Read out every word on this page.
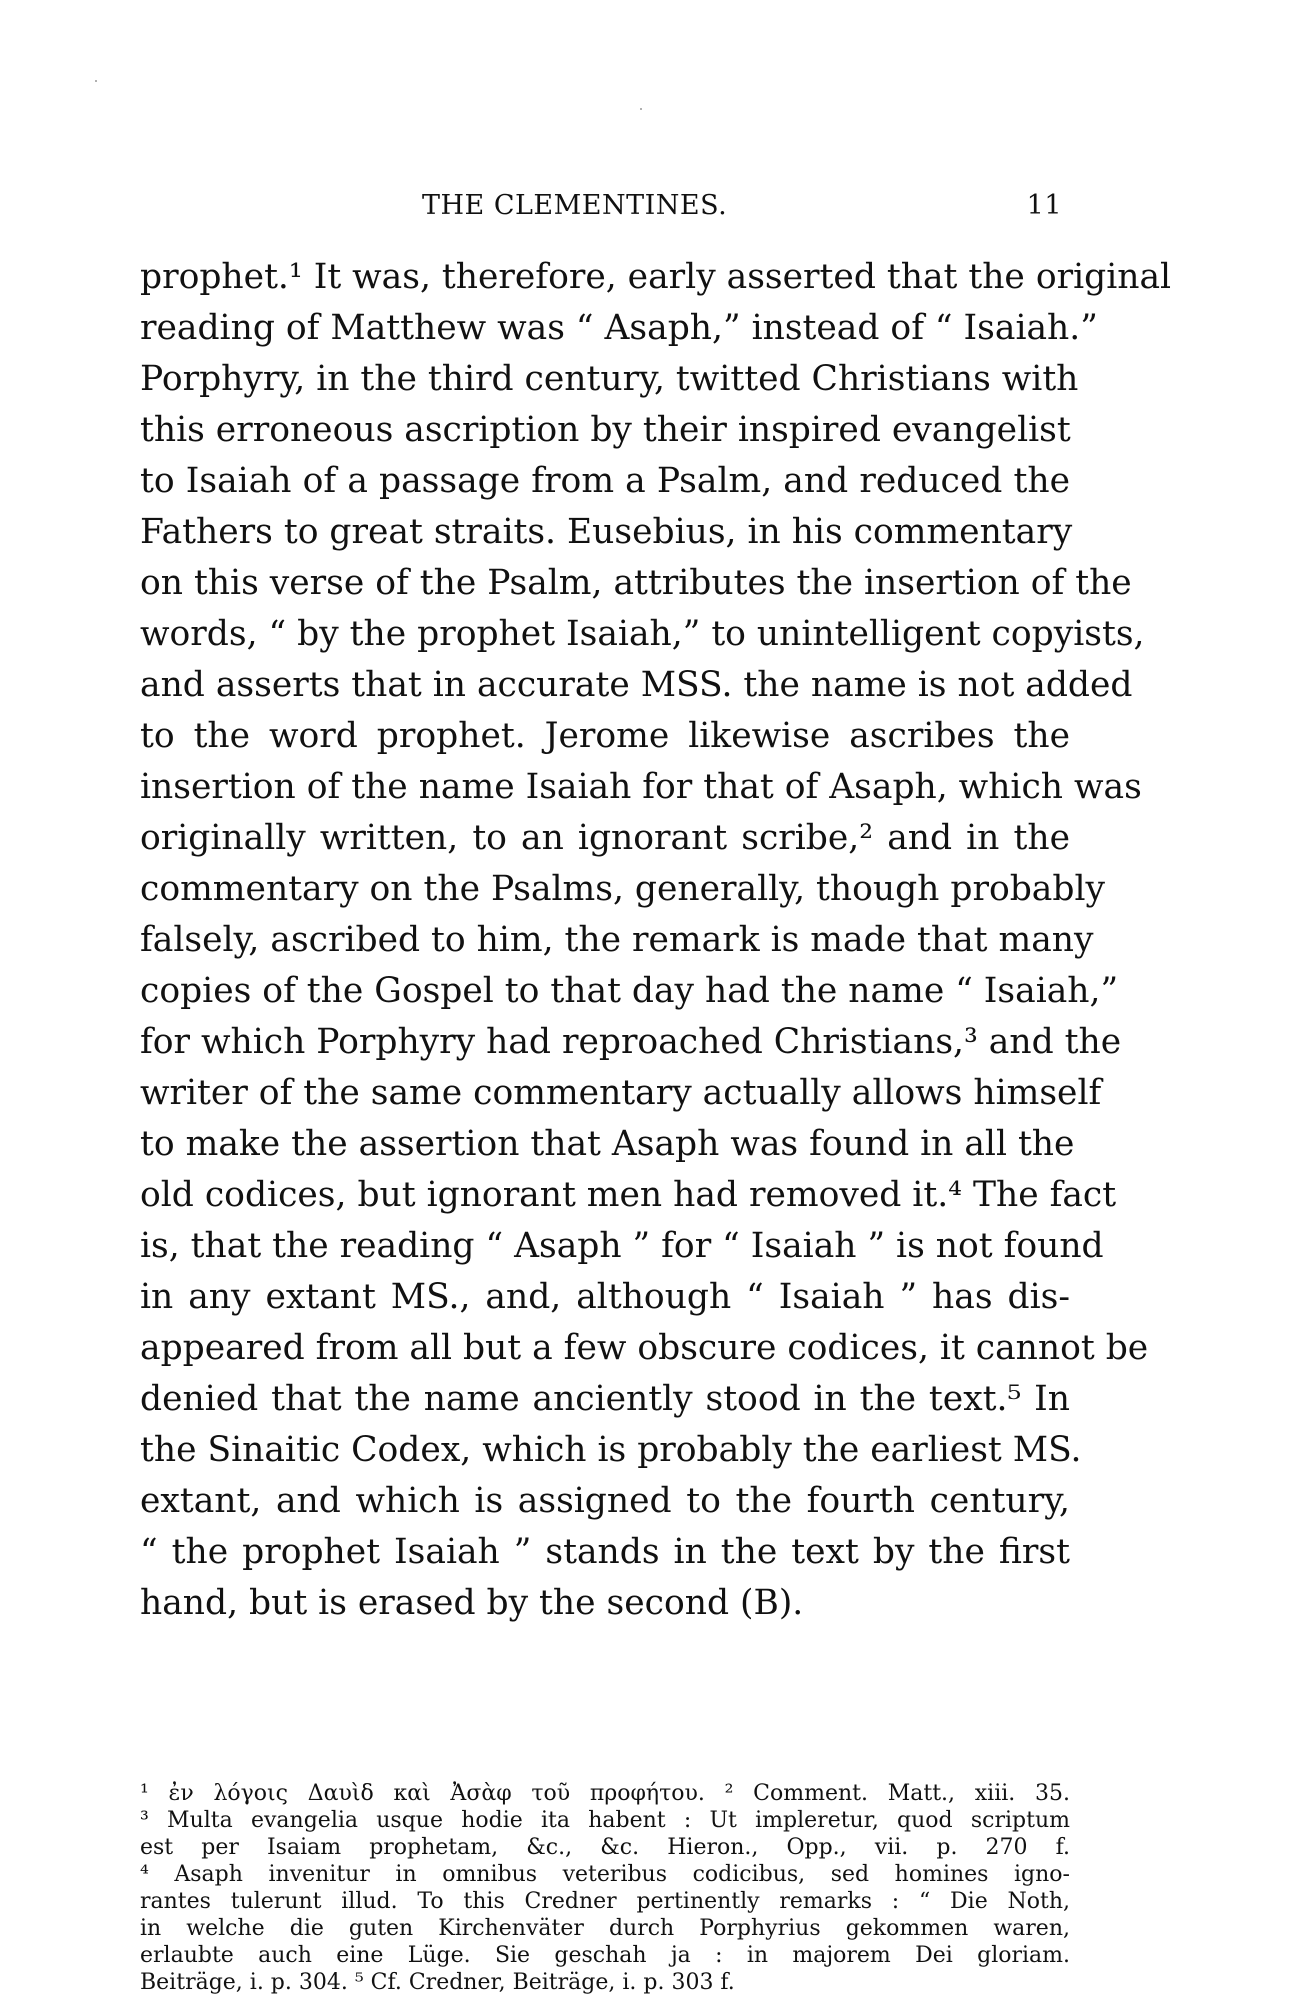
THE CLEMENTINES.	11
prophet.¹ It was, therefore, early asserted that the original
reading of Matthew was “ Asaph,” instead of “ Isaiah.”
Porphyry, in the third century, twitted Christians with
this erroneous ascription by their inspired evangelist
to Isaiah of a passage from a Psalm, and reduced the
Fathers to great straits. Eusebius, in his commentary
on this verse of the Psalm, attributes the insertion of the
words, “ by the prophet Isaiah,” to unintelligent copyists,
and asserts that in accurate MSS. the name is not added
to the word prophet. Jerome likewise ascribes the
insertion of the name Isaiah for that of Asaph, which was
originally written, to an ignorant scribe,² and in the
commentary on the Psalms, generally, though probably
falsely, ascribed to him, the remark is made that many
copies of the Gospel to that day had the name “ Isaiah,”
for which Porphyry had reproached Christians,³ and the
writer of the same commentary actually allows himself
to make the assertion that Asaph was found in all the
old codices, but ignorant men had removed it.⁴ The fact
is, that the reading “ Asaph ” for “ Isaiah ” is not found
in any extant MS., and, although “ Isaiah ” has dis-
appeared from all but a few obscure codices, it cannot be
denied that the name anciently stood in the text.⁵ In
the Sinaitic Codex, which is probably the earliest MS.
extant, and which is assigned to the fourth century,
“ the prophet Isaiah ” stands in the text by the first
hand, but is erased by the second (B).
¹ ἐν λόγοις Δαυὶδ καὶ Ἀσὰφ τοῦ προφήτου. ² Comment. Matt., xiii. 35.
³ Multa evangelia usque hodie ita habent : Ut impleretur, quod scriptum
est per Isaiam prophetam, &c., &c. Hieron., Opp., vii. p. 270 f.
⁴ Asaph invenitur in omnibus veteribus codicibus, sed homines igno-
rantes tulerunt illud. To this Credner pertinently remarks : “ Die Noth,
in welche die guten Kirchenväter durch Porphyrius gekommen waren,
erlaubte auch eine Lüge. Sie geschah ja : in majorem Dei gloriam.
Beiträge, i. p. 304. ⁵ Cf. Credner, Beiträge, i. p. 303 f.
